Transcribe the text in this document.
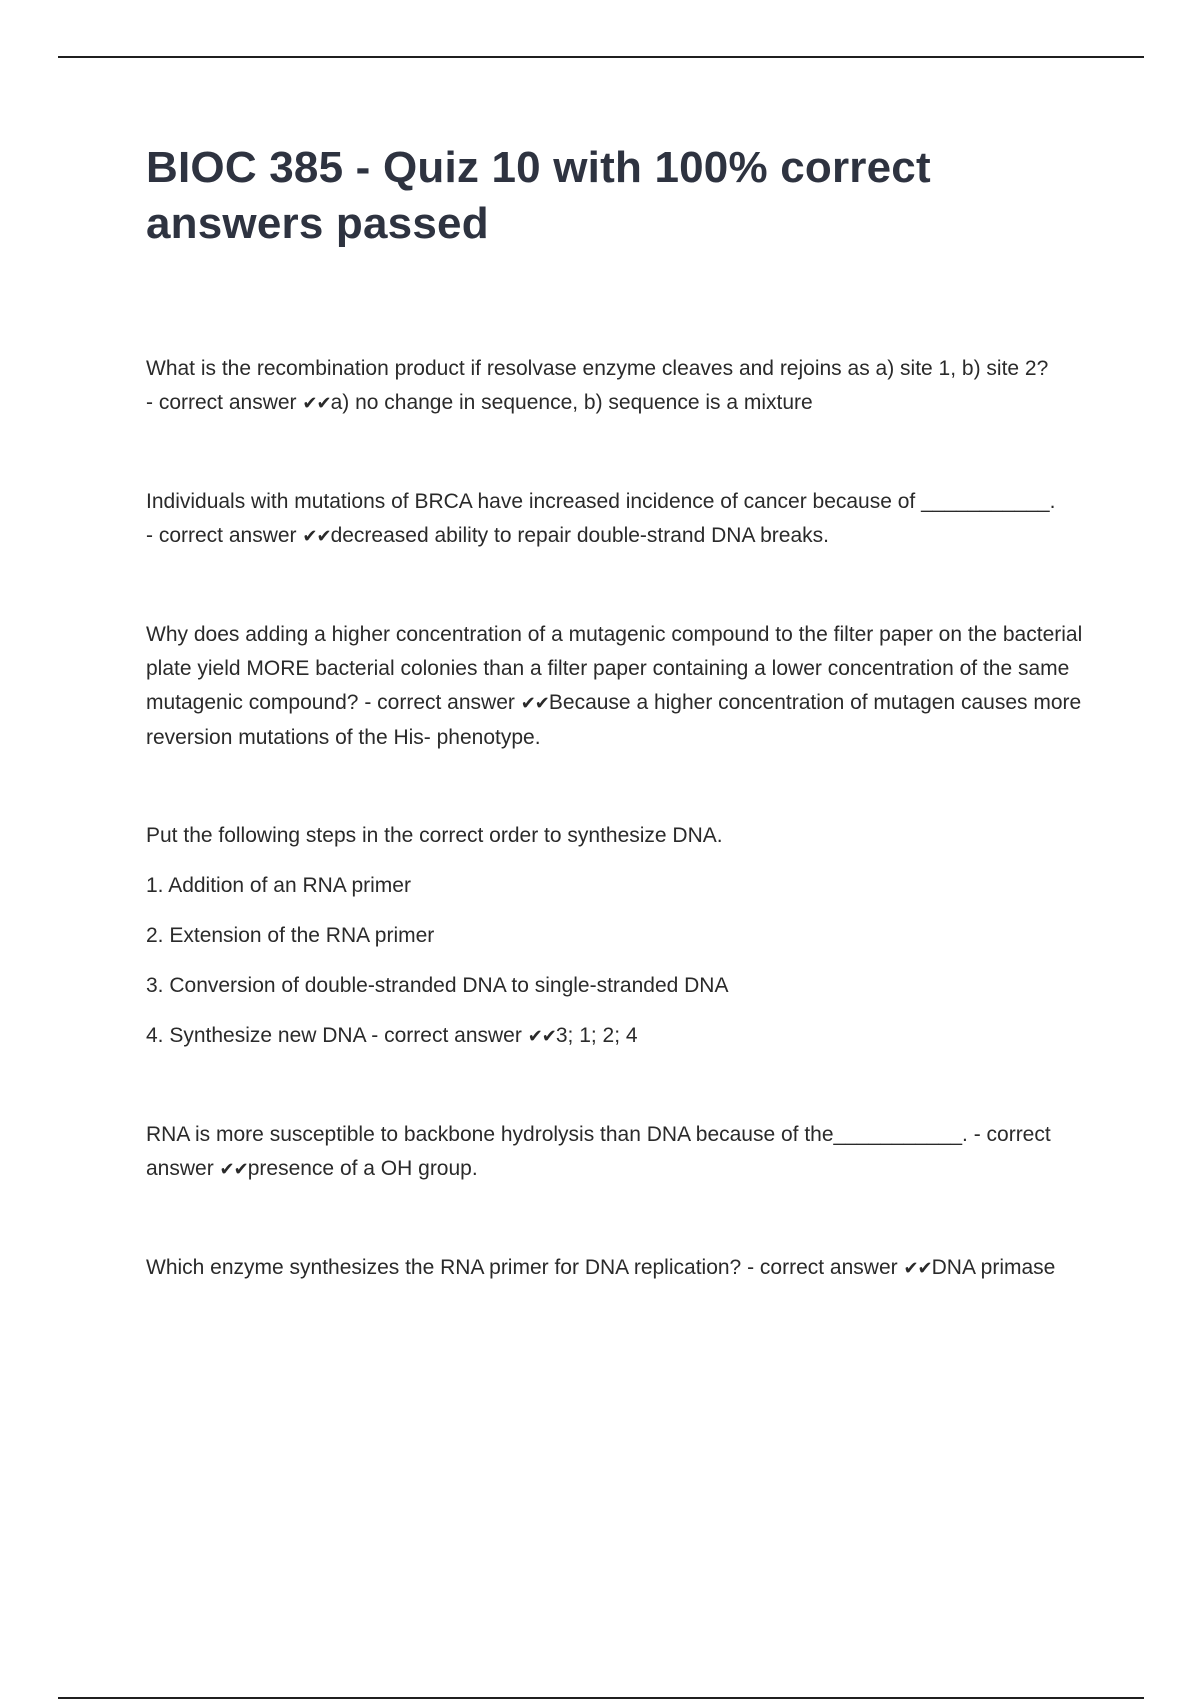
BIOC 385 - Quiz 10 with 100% correct answers passed

What is the recombination product if resolvase enzyme cleaves and rejoins as a) site 1, b) site 2? - correct answer ✔✔a) no change in sequence, b) sequence is a mixture

Individuals with mutations of BRCA have increased incidence of cancer because of ___________. - correct answer ✔✔decreased ability to repair double-strand DNA breaks.

Why does adding a higher concentration of a mutagenic compound to the filter paper on the bacterial plate yield MORE bacterial colonies than a filter paper containing a lower concentration of the same mutagenic compound? - correct answer ✔✔Because a higher concentration of mutagen causes more reversion mutations of the His- phenotype.

Put the following steps in the correct order to synthesize DNA.
1. Addition of an RNA primer
2. Extension of the RNA primer
3. Conversion of double-stranded DNA to single-stranded DNA
4. Synthesize new DNA - correct answer ✔✔3; 1; 2; 4

RNA is more susceptible to backbone hydrolysis than DNA because of the___________. - correct answer ✔✔presence of a OH group.

Which enzyme synthesizes the RNA primer for DNA replication? - correct answer ✔✔DNA primase
